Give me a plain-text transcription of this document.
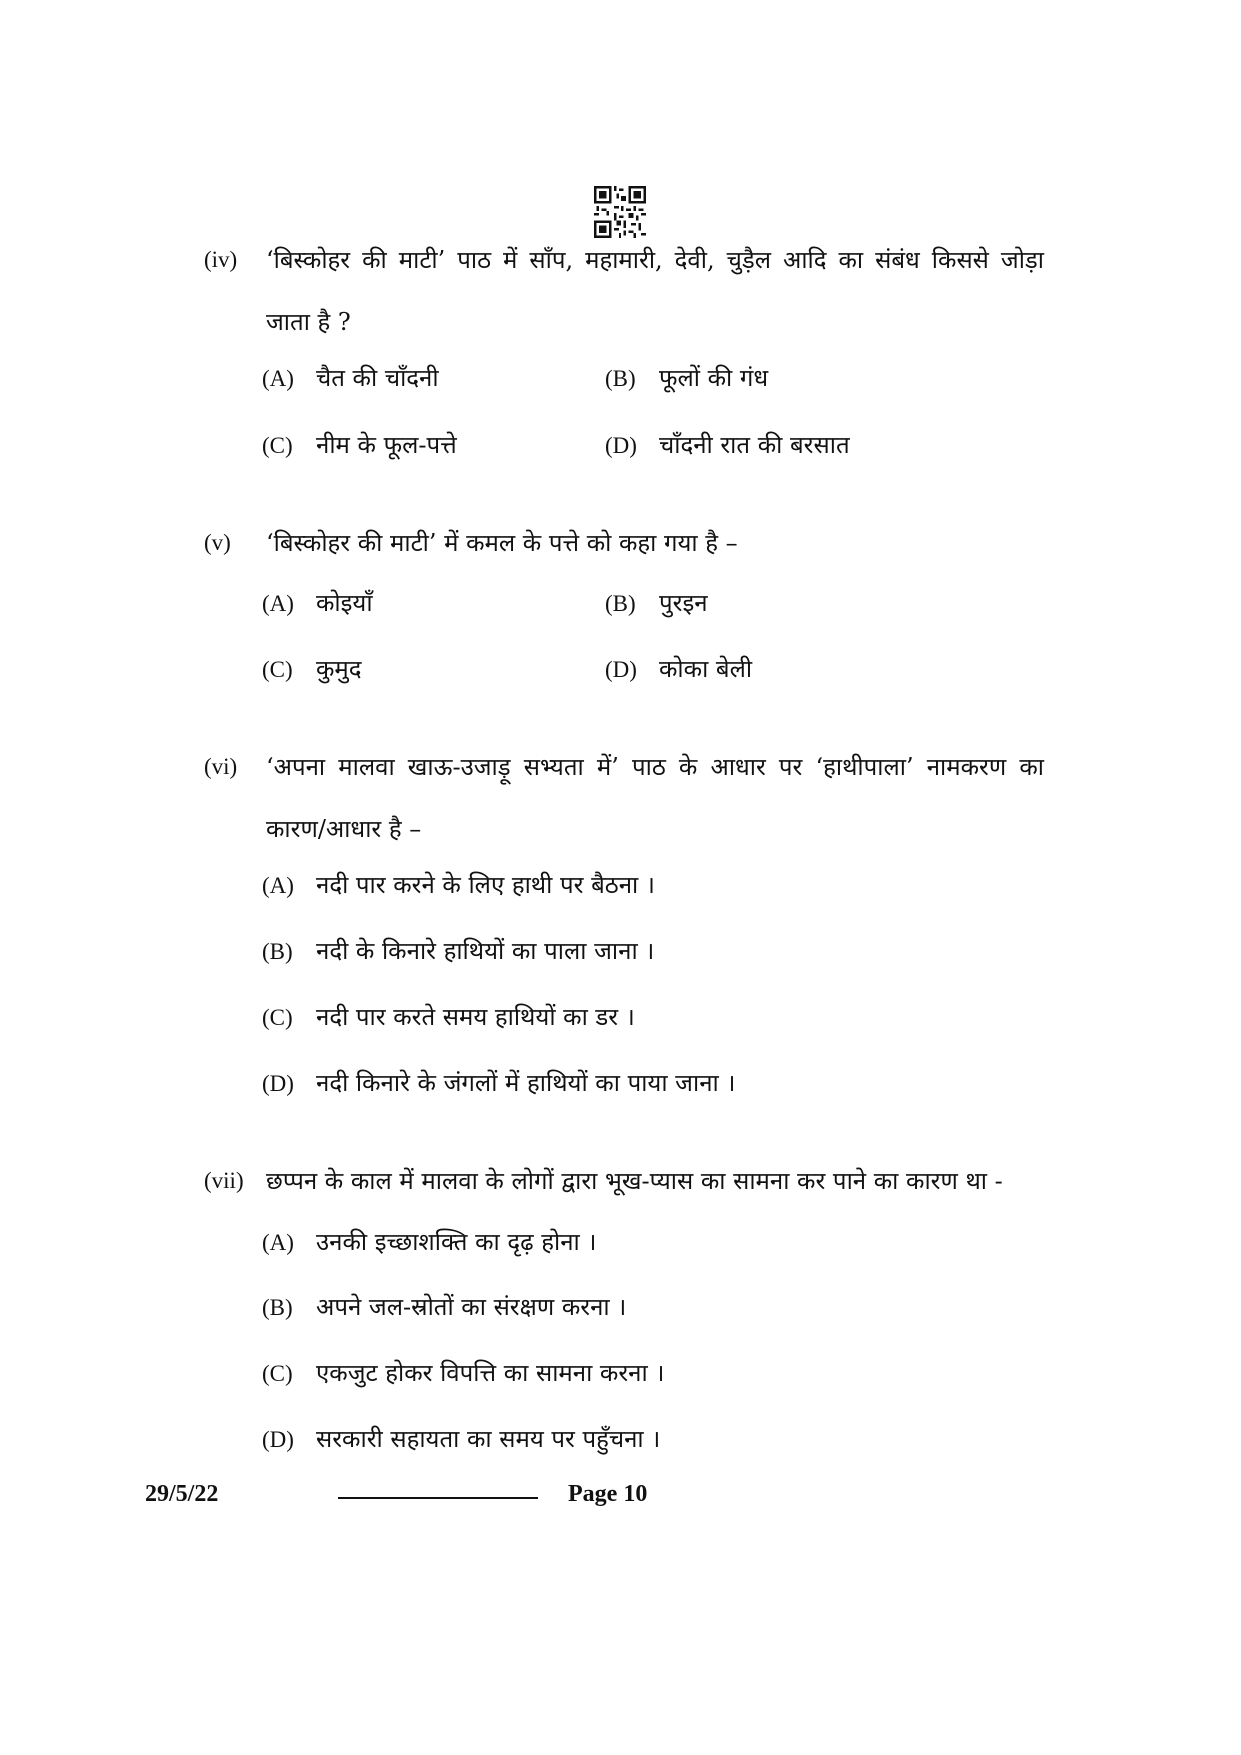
(iv) ‘बिस्कोहर की माटी’ पाठ में साँप, महामारी, देवी, चुड़ैल आदि का संबंध किससे जोड़ा
जाता है ?
(A) चैत की चाँदनी	(B) फूलों की गंध
(C) नीम के फूल-पत्ते	(D) चाँदनी रात की बरसात
(v) ‘बिस्कोहर की माटी’ में कमल के पत्ते को कहा गया है –
(A) कोइयाँ	(B) पुरइन
(C) कुमुद	(D) कोका बेली
(vi) ‘अपना मालवा खाऊ-उजाड़ू सभ्यता में’ पाठ के आधार पर ‘हाथीपाला’ नामकरण का
कारण/आधार है –
(A) नदी पार करने के लिए हाथी पर बैठना ।
(B) नदी के किनारे हाथियों का पाला जाना ।
(C) नदी पार करते समय हाथियों का डर ।
(D) नदी किनारे के जंगलों में हाथियों का पाया जाना ।
(vii) छप्पन के काल में मालवा के लोगों द्वारा भूख-प्यास का सामना कर पाने का कारण था -
(A) उनकी इच्छाशक्ति का दृढ़ होना ।
(B) अपने जल-स्रोतों का संरक्षण करना ।
(C) एकजुट होकर विपत्ति का सामना करना ।
(D) सरकारी सहायता का समय पर पहुँचना ।
29/5/22	Page 10
